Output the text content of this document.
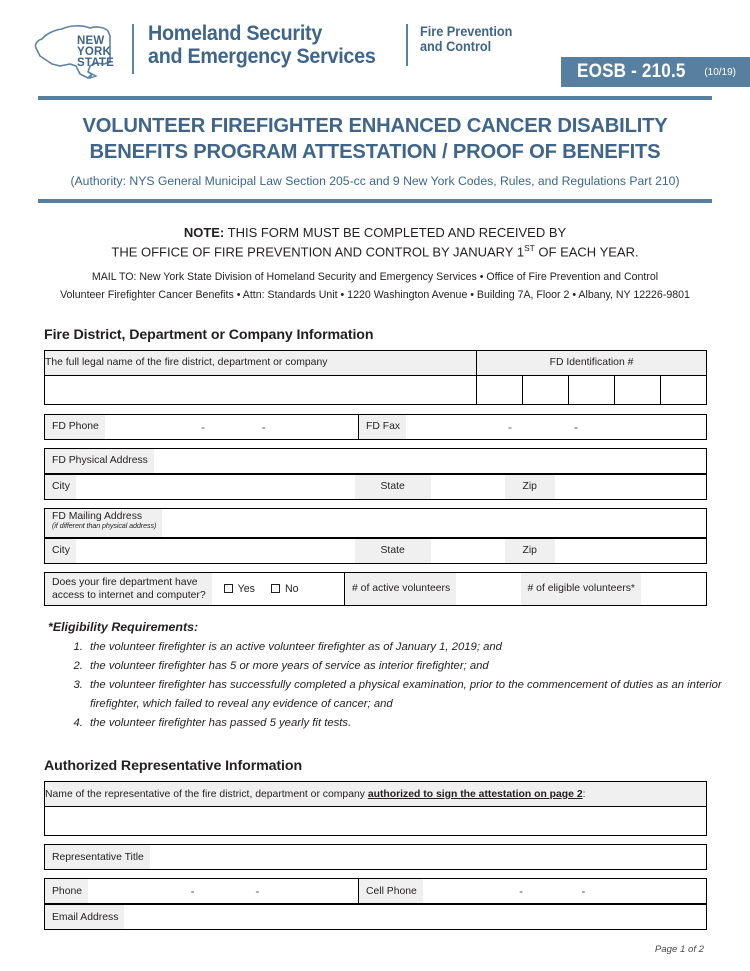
NEW
YORK
STATE
Homeland Security
and Emergency Services
Fire Prevention
and Control
EOSB - 210.5 (10/19)
VOLUNTEER FIREFIGHTER ENHANCED CANCER DISABILITY
BENEFITS PROGRAM ATTESTATION / PROOF OF BENEFITS
(Authority: NYS General Municipal Law Section 205-cc and 9 New York Codes, Rules, and Regulations Part 210)
NOTE: THIS FORM MUST BE COMPLETED AND RECEIVED BY
THE OFFICE OF FIRE PREVENTION AND CONTROL BY JANUARY 1ST OF EACH YEAR.
MAIL TO: New York State Division of Homeland Security and Emergency Services • Office of Fire Prevention and Control
Volunteer Firefighter Cancer Benefits • Attn: Standards Unit • 1220 Washington Avenue • Building 7A, Floor 2 • Albany, NY 12226-9801
Fire District, Department or Company Information
The full legal name of the fire district, department or company	FD Identification #				

FD Phone	-	-	FD Fax	-	-
FD Physical Address
City	State	Zip
FD Mailing Address
(if different than physical address)
City	State	Zip
Does your fire department have
access to internet and computer?
Yes	No	# of active volunteers	# of eligible volunteers*
*Eligibility Requirements:
1. the volunteer firefighter is an active volunteer firefighter as of January 1, 2019; and
2. the volunteer firefighter has 5 or more years of service as interior firefighter; and
3. the volunteer firefighter has successfully completed a physical examination, prior to the commencement of duties as an interior firefighter, which failed to reveal any evidence of cancer; and
4. the volunteer firefighter has passed 5 yearly fit tests.
Authorized Representative Information
Name of the representative of the fire district, department or company authorized to sign the attestation on page 2:

Representative Title
Phone	-	-	Cell Phone	-	-
Email Address
Page 1 of 2
